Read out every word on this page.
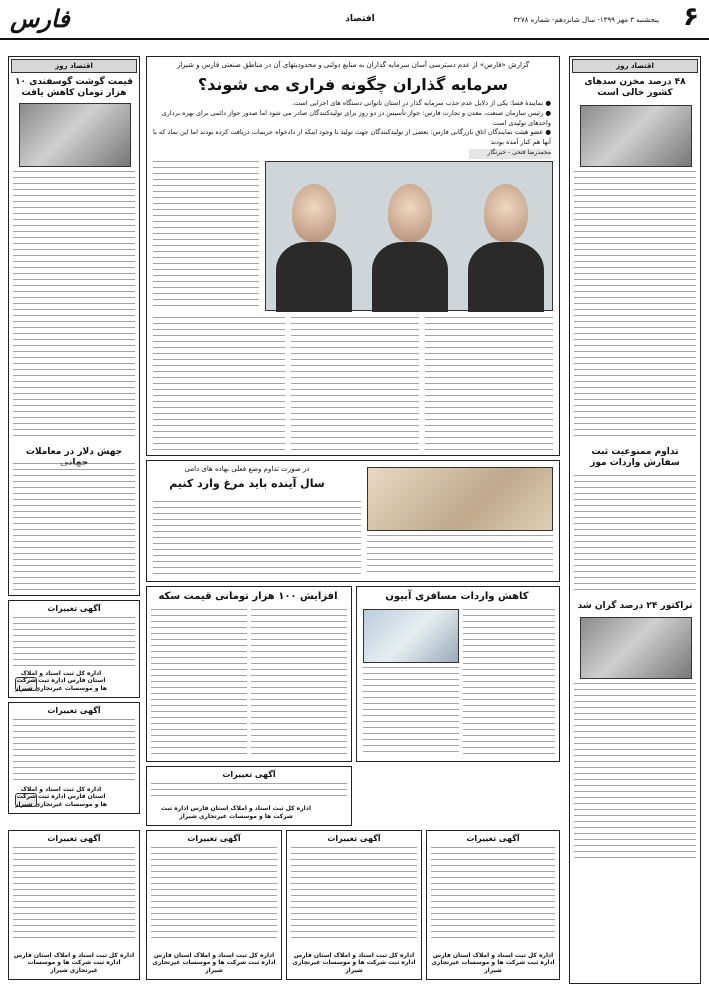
۶
پنجشنبه ۳ مهر ۱۳۹۹- سال شانزدهم- شماره ۳۲۷۸
اقتصاد
فارس
اقتصاد روز
۴۸ درصد مخزن سدهای کشور خالی است
تداوم ممنوعیت ثبت سفارش واردات موز
تراکتور ۲۴ درصد گران شد
اقتصاد روز
قیمت گوشت گوسفندی ۱۰ هزار تومان کاهش یافت
جهش دلار در معاملات
گزارش «فارس» از عدم دسترسی آسان سرمایه گذاران به منابع دولتی و محدودیتهای آن در مناطق صنعتی فارس و شیراز
سرمایه گذاران چگونه فراری می شوند؟
● نمایندهٔ فسا: یکی از دلایل عدم جذب سرمایه گذار در استان ناتوانی دستگاه های اجرایی است.
● رئیس سازمان صنعت، معدن و تجارت فارس: جواز تأسیس در دو روز برای تولیدکنندگان صادر می شود اما صدور جواز دائمی برای بهره برداری واحدهای تولیدی است
● عضو هیئت نمایندگان اتاق بازرگانی فارس: بعضی از تولیدکنندگان جهت تولید با وجود اینکه از دادخواه جریمات دریافت کرده بودند اما این نماد که با آنها هم کنار آمده بودند
محمدرضا فتحی - خبرنگار
در صورت تداوم وضع فعلی نهاده های دامی
سال آینده باید مرغ وارد کنیم
کاهش واردات مسافری آبیون
افزایش ۱۰۰ هزار تومانی قیمت سکه
آگهی تغییرات
اداره کل ثبت اسناد و املاک استان فارس اداره ثبت شرکت ها و موسسات غیرتجاری شیراز
آگهی تغییرات
اداره کل ثبت اسناد و املاک استان فارس اداره ثبت شرکت ها و موسسات غیرتجاری شیراز
آگهی تغییرات
اداره کل ثبت اسناد و املاک استان فارس اداره ثبت شرکت ها و موسسات غیرتجاری شیراز
آگهی تغییرات
اداره کل ثبت اسناد و املاک استان فارس اداره ثبت شرکت ها و موسسات غیرتجاری شیراز
آگهی تغییرات
اداره کل ثبت اسناد و املاک استان فارس اداره ثبت شرکت ها و موسسات غیرتجاری شیراز
آگهی تغییرات
اداره کل ثبت اسناد و املاک استان فارس اداره ثبت شرکت ها و موسسات غیرتجاری شیراز
آگهی تغییرات
اداره کل ثبت اسناد و املاک استان فارس اداره ثبت شرکت ها و موسسات غیرتجاری شیراز
